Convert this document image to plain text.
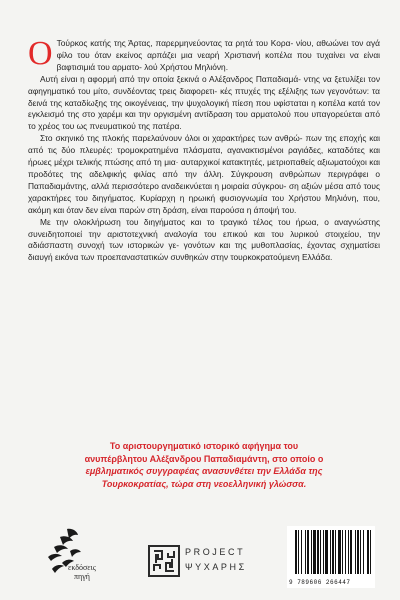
Ο Τούρκος κατής της Άρτας, παρερμηνεύοντας τα ρητά του Κορα- νίου, αθωώνει τον αγά φίλο του όταν εκείνος αρπάζει μια νεαρή Χριστιανή κοπέλα που τυχαίνει να είναι βαφτισιμιά του αρματο- λού Χρήστου Μηλιόνη.

Αυτή είναι η αφορμή από την οποία ξεκινά ο Αλέξανδρος Παπαδιαμά- ντης να ξετυλίξει τον αφηγηματικό του μίτο, συνδέοντας τρεις διαφορετι- κές πτυχές της εξέλιξης των γεγονότων: τα δεινά της καταδίωξης της οικογένειας, την ψυχολογική πίεση που υφίσταται η κοπέλα κατά τον εγκλεισμό της στο χαρέμι και την οργισμένη αντίδραση του αρματολού που υπαγορεύεται από το χρέος του ως πνευματικού της πατέρα.

Στο σκηνικό της πλοκής παρελαύνουν όλοι οι χαρακτήρες των ανθρώ- πων της εποχής και από τις δύο πλευρές: τρομοκρατημένα πλάσματα, αγανακτισμένοι ραγιάδες, καταδότες και ήρωες μέχρι τελικής πτώσης από τη μια· αυταρχικοί κατακτητές, μετριοπαθείς αξιωματούχοι και προδότες της αδελφικής φιλίας από την άλλη. Σύγκρουση ανθρώπων περιγράφει ο Παπαδιαμάντης, αλλά περισσότερο αναδεικνύεται η μοιραία σύγκρου- ση αξιών μέσα από τους χαρακτήρες του διηγήματος. Κυρίαρχη η ηρωική φυσιογνωμία του Χρήστου Μηλιόνη, που, ακόμη και όταν δεν είναι παρών στη δράση, είναι παρούσα η άποψή του.

Με την ολοκλήρωση του διηγήματος και το τραγικό τέλος του ήρωα, ο αναγνώστης συνειδητοποιεί την αριστοτεχνική αναλογία του επικού και του λυρικού στοιχείου, την αδιάσπαστη συνοχή των ιστορικών γε- γονότων και της μυθοπλασίας, έχοντας σχηματίσει διαυγή εικόνα των προεπαναστατικών συνθηκών στην τουρκοκρατούμενη Ελλάδα.

Το αριστουργηματικό ιστορικό αφήγημα του
ανυπέρβλητου Αλέξανδρου Παπαδιαμάντη, στο οποίο ο
εμβληματικός συγγραφέας ανασυνθέτει την Ελλάδα της
Τουρκοκρατίας, τώρα στη νεοελληνική γλώσσα.
εκδόσεις
πηγή
PROJECT
ΨΥΧΑΡΗΣ
9 789606 266447
